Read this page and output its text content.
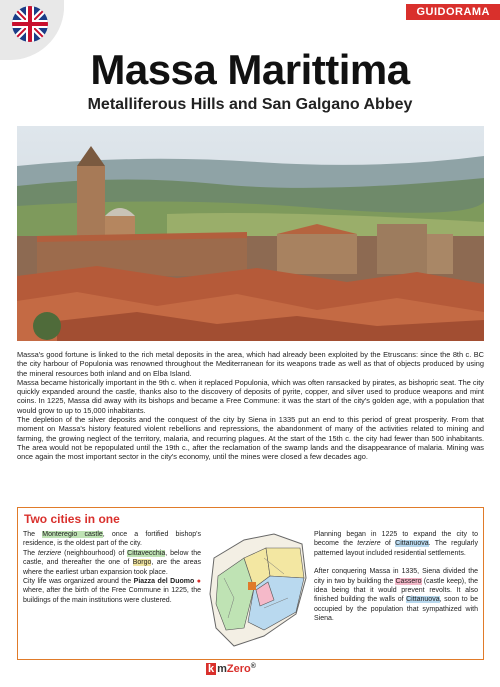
GUIDORAMA
Massa Marittima
Metalliferous Hills and San Galgano Abbey

Massa's good fortune is linked to the rich metal deposits in the area, which had already been exploited by the Etruscans: since the 8th c. BC the city harbour of Populonia was renowned throughout the Mediterranean for its weapons trade as well as that of objects produced by using the mineral resources both inland and on Elba Island.

Massa became historically important in the 9th c. when it replaced Populonia, which was often ransacked by pirates, as bishopric seat. The city quickly expanded around the castle, thanks also to the discovery of deposits of pyrite, copper, and silver used to produce weapons and mint coins. In 1225, Massa did away with its bishops and became a Free Commune: it was the start of the city's golden age, with a population that would grow to up to 15,000 inhabitants.

The depletion of the silver deposits and the conquest of the city by Siena in 1335 put an end to this period of great prosperity. From that moment on Massa's history featured violent rebellions and repressions, the abandonment of many of the activities related to mining and farming, the growing neglect of the territory, malaria, and recurring plagues. At the start of the 15th c. the city had fewer than 500 inhabitants. The area would not be repopulated until the 19th c., after the reclamation of the swamp lands and the disappearance of malaria. Mining was once again the most important sector in the city's economy, until the mines were closed a few decades ago.

Two cities in one

The Monteregio castle, once a fortified bishop's residence, is the oldest part of the city.

The terziere (neighbourhood) of Cittavecchia, below the castle, and thereafter the one of Borgo, are the areas where the earliest urban expansion took place.

City life was organized around the Piazza del Duomo ● where, after the birth of the Free Commune in 1225, the buildings of the main institutions were clustered.

Planning began in 1225 to expand the city to become the terziere of Cittanuova. The regularly patterned layout included residential settlements.

After conquering Massa in 1335, Siena divided the city in two by building the Cassero (castle keep), the idea being that it would prevent revolts. It also finished building the walls of Cittanuova, soon to be occupied by the population that sympathized with Siena.

k mZero®
